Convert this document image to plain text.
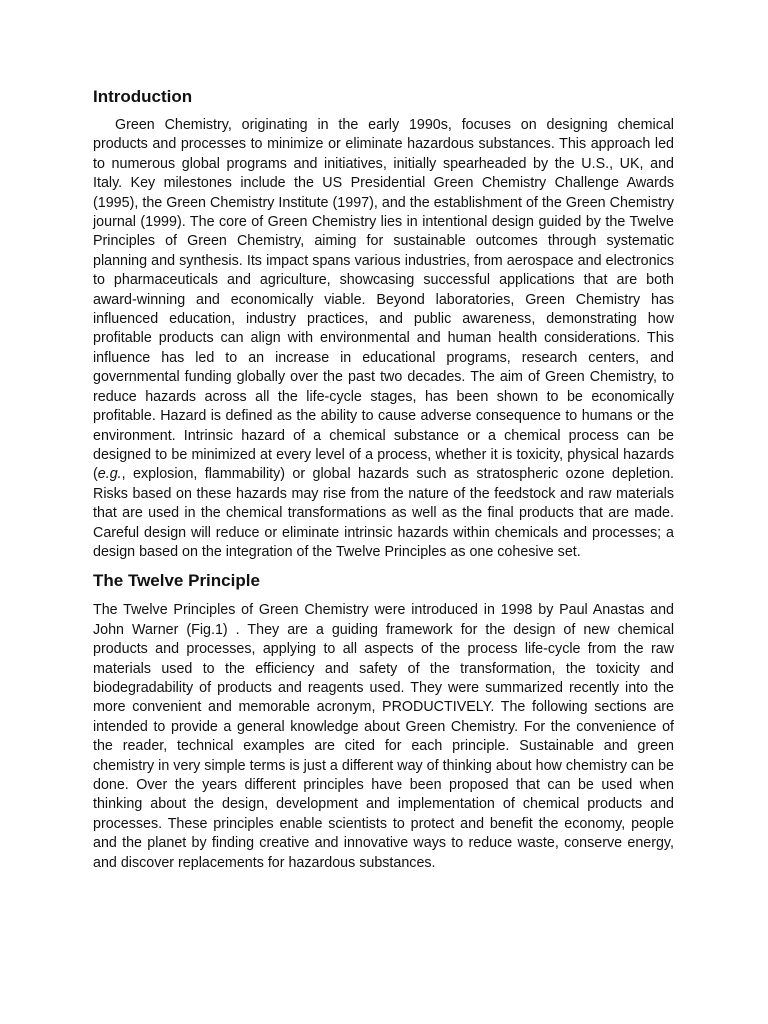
Introduction

Green Chemistry, originating in the early 1990s, focuses on designing chemical products and processes to minimize or eliminate hazardous substances. This approach led to numerous global programs and initiatives, initially spearheaded by the U.S., UK, and Italy. Key milestones include the US Presidential Green Chemistry Challenge Awards (1995), the Green Chemistry Institute (1997), and the establishment of the Green Chemistry journal (1999). The core of Green Chemistry lies in intentional design guided by the Twelve Principles of Green Chemistry, aiming for sustainable outcomes through systematic planning and synthesis. Its impact spans various industries, from aerospace and electronics to pharmaceuticals and agriculture, showcasing successful applications that are both award-winning and economically viable. Beyond laboratories, Green Chemistry has influenced education, industry practices, and public awareness, demonstrating how profitable products can align with environmental and human health considerations. This influence has led to an increase in educational programs, research centers, and governmental funding globally over the past two decades. The aim of Green Chemistry, to reduce hazards across all the life-cycle stages, has been shown to be economically profitable. Hazard is defined as the ability to cause adverse consequence to humans or the environment. Intrinsic hazard of a chemical substance or a chemical process can be designed to be minimized at every level of a process, whether it is toxicity, physical hazards (e.g., explosion, flammability) or global hazards such as stratospheric ozone depletion. Risks based on these hazards may rise from the nature of the feedstock and raw materials that are used in the chemical transformations as well as the final products that are made. Careful design will reduce or eliminate intrinsic hazards within chemicals and processes; a design based on the integration of the Twelve Principles as one cohesive set.

The Twelve Principle

The Twelve Principles of Green Chemistry were introduced in 1998 by Paul Anastas and John Warner (Fig.1) . They are a guiding framework for the design of new chemical products and processes, applying to all aspects of the process life-cycle from the raw materials used to the efficiency and safety of the transformation, the toxicity and biodegradability of products and reagents used. They were summarized recently into the more convenient and memorable acronym, PRODUCTIVELY. The following sections are intended to provide a general knowledge about Green Chemistry. For the convenience of the reader, technical examples are cited for each principle. Sustainable and green chemistry in very simple terms is just a different way of thinking about how chemistry can be done. Over the years different principles have been proposed that can be used when thinking about the design, development and implementation of chemical products and processes. These principles enable scientists to protect and benefit the economy, people and the planet by finding creative and innovative ways to reduce waste, conserve energy, and discover replacements for hazardous substances.
